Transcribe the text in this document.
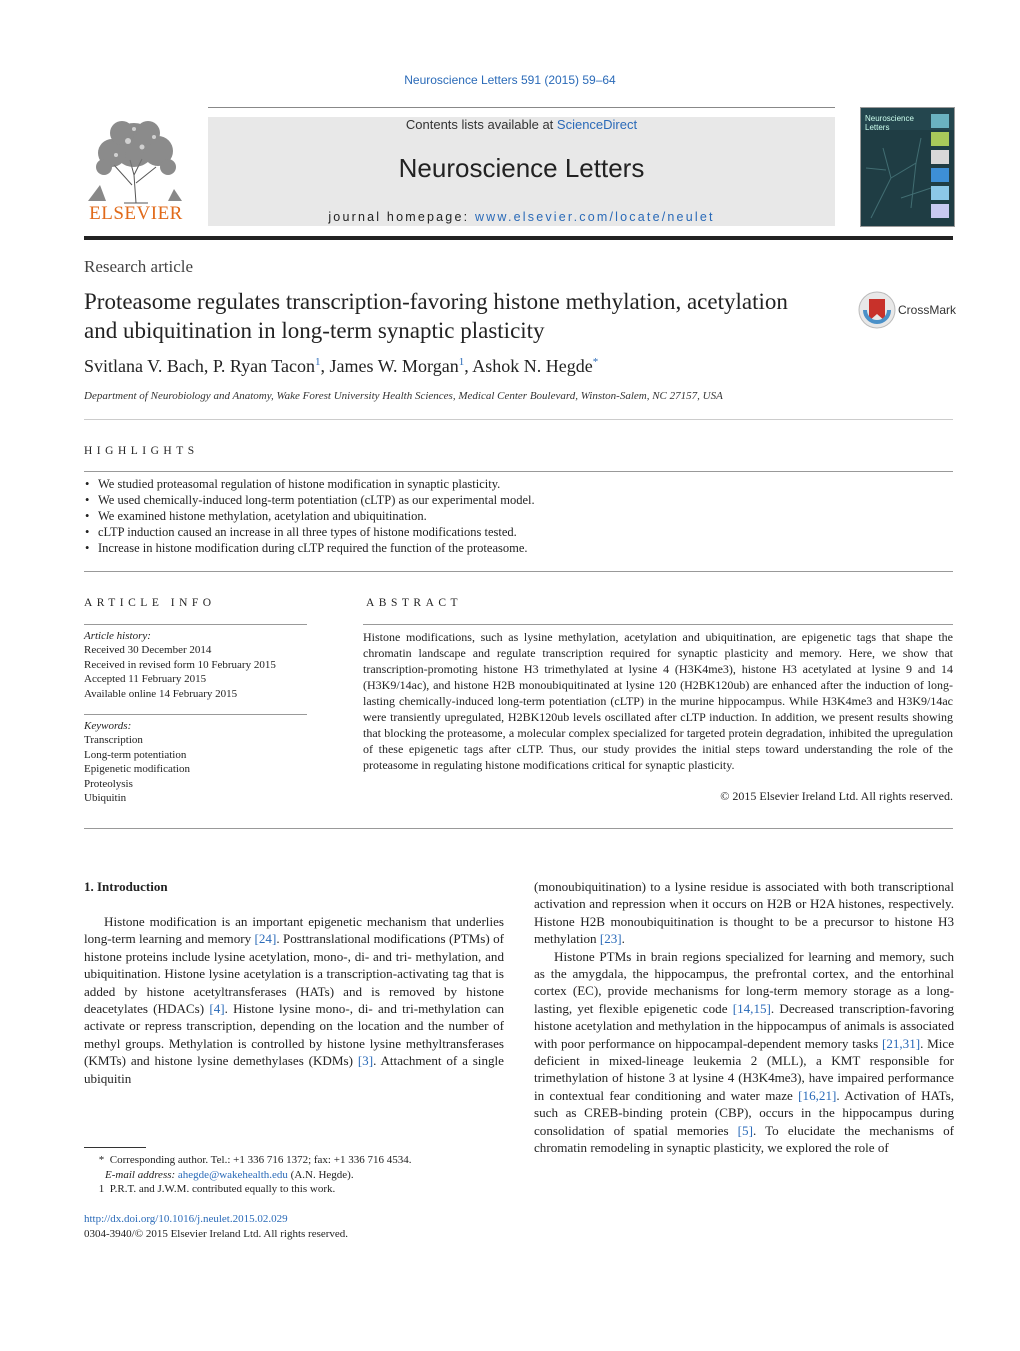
Neuroscience Letters 591 (2015) 59–64
ELSEVIER
Contents lists available at ScienceDirect
Neuroscience Letters
journal homepage: www.elsevier.com/locate/neulet
Neuroscience Letters
Research article
Proteasome regulates transcription-favoring histone methylation, acetylation and ubiquitination in long-term synaptic plasticity
CrossMark
Svitlana V. Bach, P. Ryan Tacon$^1$, James W. Morgan$^1$, Ashok N. Hegde*
Department of Neurobiology and Anatomy, Wake Forest University Health Sciences, Medical Center Boulevard, Winston-Salem, NC 27157, USA
HIGHLIGHTS
• We studied proteasomal regulation of histone modification in synaptic plasticity.
• We used chemically-induced long-term potentiation (cLTP) as our experimental model.
• We examined histone methylation, acetylation and ubiquitination.
• cLTP induction caused an increase in all three types of histone modifications tested.
• Increase in histone modification during cLTP required the function of the proteasome.
ARTICLE INFO	ABSTRACT
Article history:
Received 30 December 2014
Received in revised form 10 February 2015
Accepted 11 February 2015
Available online 14 February 2015
Keywords:
Transcription
Long-term potentiation
Epigenetic modification
Proteolysis
Ubiquitin

Histone modifications, such as lysine methylation, acetylation and ubiquitination, are epigenetic tags that shape the chromatin landscape and regulate transcription required for synaptic plasticity and memory. Here, we show that transcription-promoting histone H3 trimethylated at lysine 4 (H3K4me3), histone H3 acetylated at lysine 9 and 14 (H3K9/14ac), and histone H2B monoubiquitinated at lysine 120 (H2BK120ub) are enhanced after the induction of long-lasting chemically-induced long-term potentiation (cLTP) in the murine hippocampus. While H3K4me3 and H3K9/14ac were transiently upregulated, H2BK120ub levels oscillated after cLTP induction. In addition, we present results showing that blocking the proteasome, a molecular complex specialized for targeted protein degradation, inhibited the upregulation of these epigenetic tags after cLTP. Thus, our study provides the initial steps toward understanding the role of the proteasome in regulating histone modifications critical for synaptic plasticity.

© 2015 Elsevier Ireland Ltd. All rights reserved.
1. Introduction

Histone modification is an important epigenetic mechanism that underlies long-term learning and memory [24]. Posttranslational modifications (PTMs) of histone proteins include lysine acetylation, mono-, di- and tri- methylation, and ubiquitination. Histone lysine acetylation is a transcription-activating tag that is added by histone acetyltransferases (HATs) and is removed by histone deacetylates (HDACs) [4]. Histone lysine mono-, di- and tri-methylation can activate or repress transcription, depending on the location and the number of methyl groups. Methylation is controlled by histone lysine methyltransferases (KMTs) and histone lysine demethylases (KDMs) [3]. Attachment of a single ubiquitin

(monoubiquitination) to a lysine residue is associated with both transcriptional activation and repression when it occurs on H2B or H2A histones, respectively. Histone H2B monoubiquitination is thought to be a precursor to histone H3 methylation [23].

Histone PTMs in brain regions specialized for learning and memory, such as the amygdala, the hippocampus, the prefrontal cortex, and the entorhinal cortex (EC), provide mechanisms for long-term memory storage as a long-lasting, yet flexible epigenetic code [14,15]. Decreased transcription-favoring histone acetylation and methylation in the hippocampus of animals is associated with poor performance on hippocampal-dependent memory tasks [21,31]. Mice deficient in mixed-lineage leukemia 2 (MLL), a KMT responsible for trimethylation of histone 3 at lysine 4 (H3K4me3), have impaired performance in contextual fear conditioning and water maze [16,21]. Activation of HATs, such as CREB-binding protein (CBP), occurs in the hippocampus during consolidation of spatial memories [5]. To elucidate the mechanisms of chromatin remodeling in synaptic plasticity, we explored the role of

* Corresponding author. Tel.: +1 336 716 1372; fax: +1 336 716 4534.
E-mail address: ahegde@wakehealth.edu (A.N. Hegde).
1 P.R.T. and J.W.M. contributed equally to this work.
http://dx.doi.org/10.1016/j.neulet.2015.02.029
0304-3940/© 2015 Elsevier Ireland Ltd. All rights reserved.
